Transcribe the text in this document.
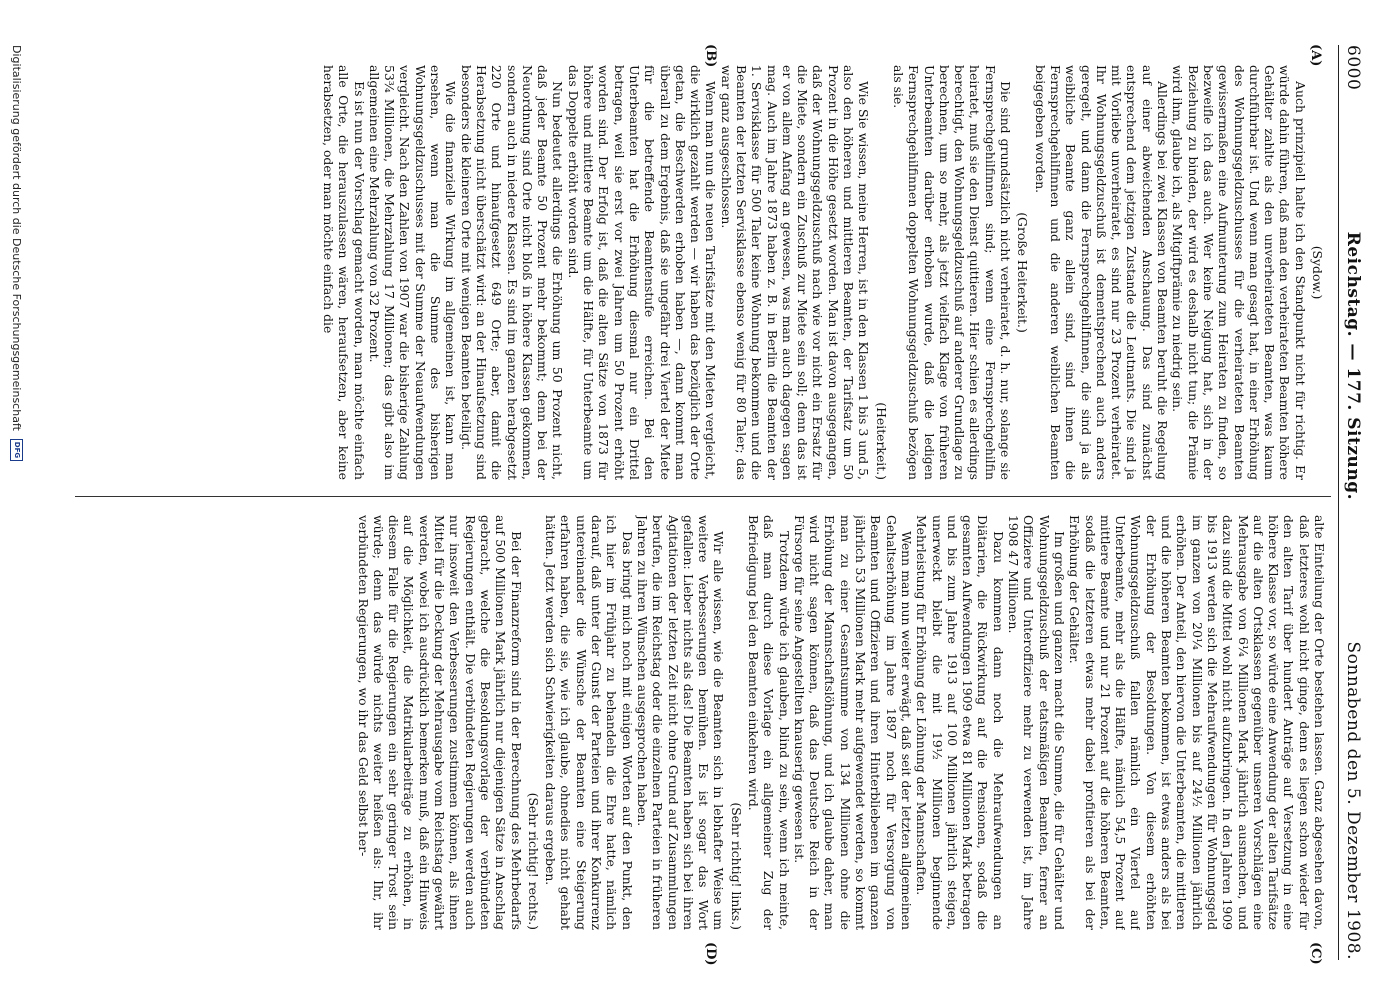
6000
Reichstag. — 177. Sitzung.
Sonnabend den 5. Dezember 1908.
(A)
(B)
(C)
(D)

(Sydow.)

Auch prinzipiell halte ich den Standpunkt nicht für richtig. Er würde dahin führen, daß man den verheirateten Beamten höhere Gehälter zahlte als den unverheirateten Beamten, was kaum durchführbar ist. Und wenn man gesagt hat, in einer Erhöhung des Wohnungsgeldzuschusses für die verheirateten Beamten gewissermaßen eine Aufmunterung zum Heiraten zu finden, so bezweifle ich das auch. Wer keine Neigung hat, sich in der Beziehung zu binden, der wird es deshalb nicht tun; die Prämie wird ihm, glaube ich, als Mitgiftprämie zu niedrig sein.

Allerdings bei zwei Klassen von Beamten beruht die Regelung auf einer abweichenden Anschauung. Das sind zunächst entsprechend dem jetzigen Zustande die Leutnants. Die sind ja mit Vorliebe unverheiratet, es sind nur 23 Prozent verheiratet. Ihr Wohnungsgeldzuschuß ist dementsprechend auch anders geregelt, und dann die Fernsprechgehilfinnen, die sind ja als weibliche Beamte ganz allein sind, sind ihnen die Fernsprechgehilfinnen und die anderen weiblichen Beamten beigegeben worden.

(Große Heiterkeit.)

Die sind grundsätzlich nicht verheiratet, d. h. nur, solange sie Fernsprechgehilfinnen sind; wenn eine Fernsprechgehilfin heiratet, muß sie den Dienst quittieren. Hier schien es allerdings berechtigt, den Wohnungsgeldzuschuß auf anderer Grundlage zu berechnen, um so mehr, als jetzt vielfach Klage von früheren Unterbeamten darüber erhoben wurde, daß die ledigen Fernsprechgehilfinnen doppelten Wohnungsgeldzuschuß bezögen als sie.

(Heiterkeit.)

Wie Sie wissen, meine Herren, ist in den Klassen 1 bis 3 und 5, also den höheren und mittleren Beamten, der Tarifsatz um 50 Prozent in die Höhe gesetzt worden. Man ist davon ausgegangen, daß der Wohnungsgeldzuschuß nach wie vor nicht ein Ersatz für die Miete, sondern ein Zuschuß zur Miete sein soll; denn das ist er von allem Anfang an gewesen, was man auch dagegen sagen mag. Auch im Jahre 1873 haben z. B. in Berlin die Beamten der 1. Servisklasse für 500 Taler keine Wohnung bekommen und die Beamten der letzten Servisklasse ebenso wenig für 80 Taler; das war ganz ausgeschlossen.

Wenn man nun die neuen Tarifsätze mit den Mieten vergleicht, die wirklich gezahlt werden — wir haben das bezüglich der Orte getan, die Beschwerden erhoben haben —, dann kommt man überall zu dem Ergebnis, daß sie ungefähr drei Viertel der Miete für die betreffende Beamtenstufe erreichen. Bei den Unterbeamten hat die Erhöhung diesmal nur ein Drittel betragen, weil sie erst vor zwei Jahren um 50 Prozent erhöht worden sind. Der Erfolg ist, daß die alten Sätze von 1873 für höhere und mittlere Beamte um die Hälfte, für Unterbeamte um das Doppelte erhöht worden sind.

Nun bedeutet allerdings die Erhöhung um 50 Prozent nicht, daß jeder Beamte 50 Prozent mehr bekommt; denn bei der Neuordnung sind Orte nicht bloß in höhere Klassen gekommen, sondern auch in niedere Klassen. Es sind im ganzen herabgesetzt 220 Orte und hinaufgesetzt 649 Orte; aber, damit die Herabsetzung nicht überschätzt wird: an der Hinaufsetzung sind besonders die kleineren Orte mit wenigen Beamten beteiligt.

Wie die finanzielle Wirkung im allgemeinen ist, kann man ersehen, wenn man die Summe des bisherigen Wohnungsgeldzuschusses mit der Summe der Neuaufwendungen vergleicht. Nach den Zahlen von 1907 war die bisherige Zahlung 53¾ Millionen, die Mehrzahlung 17 Millionen; das gibt also im allgemeinen eine Mehrzahlung von 32 Prozent.

Es ist nun der Vorschlag gemacht worden, man möchte einfach alle Orte, die herauszulassen wären, heraufsetzen, aber keine herabsetzen, oder man möchte einfach die

alte Einteilung der Orte bestehen lassen. Ganz abgesehen davon, daß letzteres wohl nicht ginge, denn es liegen schon wieder für den alten Tarif über hundert Anträge auf Versetzung in eine höhere Klasse vor, so würde eine Anwendung der alten Tarifsätze auf die alten Ortsklassen gegenüber unseren Vorschlägen eine Mehrausgabe von 6¼ Millionen Mark jährlich ausmachen, und dazu sind die Mittel wohl nicht aufzubringen. In den Jahren 1909 bis 1913 werden sich die Mehraufwendungen für Wohnungsgeld im ganzen von 20¼ Millionen bis auf 24½ Millionen jährlich erhöhen. Der Anteil, den hiervon die Unterbeamten, die mittleren und die höheren Beamten bekommen, ist etwas anders als bei der Erhöhung der Besoldungen. Von diesem erhöhten Wohnungsgeldzuschuß fallen nämlich ein Viertel auf Unterbeamte, mehr als die Hälfte, nämlich 54,5 Prozent auf mittlere Beamte und nur 21 Prozent auf die höheren Beamten, sodaß die letzteren etwas mehr dabei profitieren als bei der Erhöhung der Gehälter.

Im großen und ganzen macht die Summe, die für Gehälter und Wohnungsgeldzuschuß der etatsmäßigen Beamten, ferner an Offiziere und Unteroffiziere mehr zu verwenden ist, im Jahre 1908 47 Millionen.

Dazu kommen dann noch die Mehraufwendungen an Diätarien, die Rückwirkung auf die Pensionen, sodaß die gesamten Aufwendungen 1909 etwa 81 Millionen Mark betragen und bis zum Jahre 1913 auf 100 Millionen jährlich steigen, unerweckt bleibt die mit 19½ Millionen beginnende Mehrleistung für Erhöhung der Löhnung der Mannschaften.

Wenn man nun weiter erwägt, daß seit der letzten allgemeinen Gehaltserhöhung im Jahre 1897 noch für Versorgung von Beamten und Offizieren und ihren Hinterbliebenen im ganzen jährlich 53 Millionen Mark mehr aufgewendet werden, so kommt man zu einer Gesamtsumme von 134 Millionen ohne die Erhöhung der Mannschaftslöhnung, und ich glaube daher, man wird nicht sagen können, daß das Deutsche Reich in der Fürsorge für seine Angestellten knauserig gewesen ist.

Trotzdem würde ich glauben, blind zu sein, wenn ich meinte, daß man durch diese Vorlage ein allgemeiner Zug der Befriedigung bei den Beamten einkehren wird.

(Sehr richtig! links.)

Wir alle wissen, wie die Beamten sich in lebhafter Weise um weitere Verbesserungen bemühen. Es ist sogar das Wort gefallen: Lieber nichts als das! Die Beamten haben sich bei ihren Agitationen der letzten Zeit nicht ohne Grund auf Zusammlungen berufen, die im Reichstag oder die einzelnen Parteien in früheren Jahren zu ihren Wünschen ausgesprochen haben.

Das bringt mich noch mit einigen Worten auf den Punkt, den ich hier im Frühjahr zu behandeln die Ehre hatte, nämlich darauf, daß unter der Gunst der Parteien und ihrer Konkurrenz untereinander die Wünsche der Beamten eine Steigerung erfahren haben, die sie, wie ich glaube, ohnedies nicht gehabt hätten. Jetzt werden sich Schwierigkeiten daraus ergeben.

(Sehr richtig! rechts.)

Bei der Finanzreform sind in der Berechnung des Mehrbedarfs auf 500 Millionen Mark jährlich nur diejenigen Sätze in Anschlag gebracht, welche die Besoldungsvorlage der verbündeten Regierungen enthält. Die verbündeten Regierungen werden auch nur insoweit den Verbesserungen zustimmen können, als ihnen Mittel für die Deckung der Mehrausgabe vom Reichstag gewährt werden, wobei ich ausdrücklich bemerken muß, daß ein Hinweis auf die Möglichkeit, die Matrikularbeiträge zu erhöhen, in diesem Falle für die Regierungen ein sehr geringer Trost sein würde; denn das würde nichts weiter heißen als: Ihr, ihr verbündeten Regierungen, wo ihr das Geld selbst her-

Digitalisierung gefördert durch die Deutsche Forschungsgemeinschaft
DFG
